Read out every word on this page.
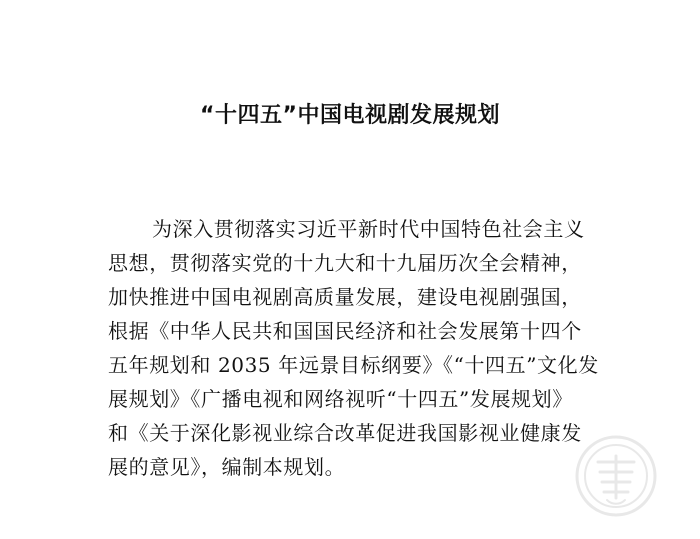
“十四五”中国电视剧发展规划
为深入贯彻落实习近平新时代中国特色社会主义
思想，贯彻落实党的十九大和十九届历次全会精神，
加快推进中国电视剧高质量发展，建设电视剧强国，
根据《中华人民共和国国民经济和社会发展第十四个
五年规划和 2035 年远景目标纲要》《“十四五”文化发
展规划》《广播电视和网络视听“十四五”发展规划》
和《关于深化影视业综合改革促进我国影视业健康发
展的意见》，编制本规划。
